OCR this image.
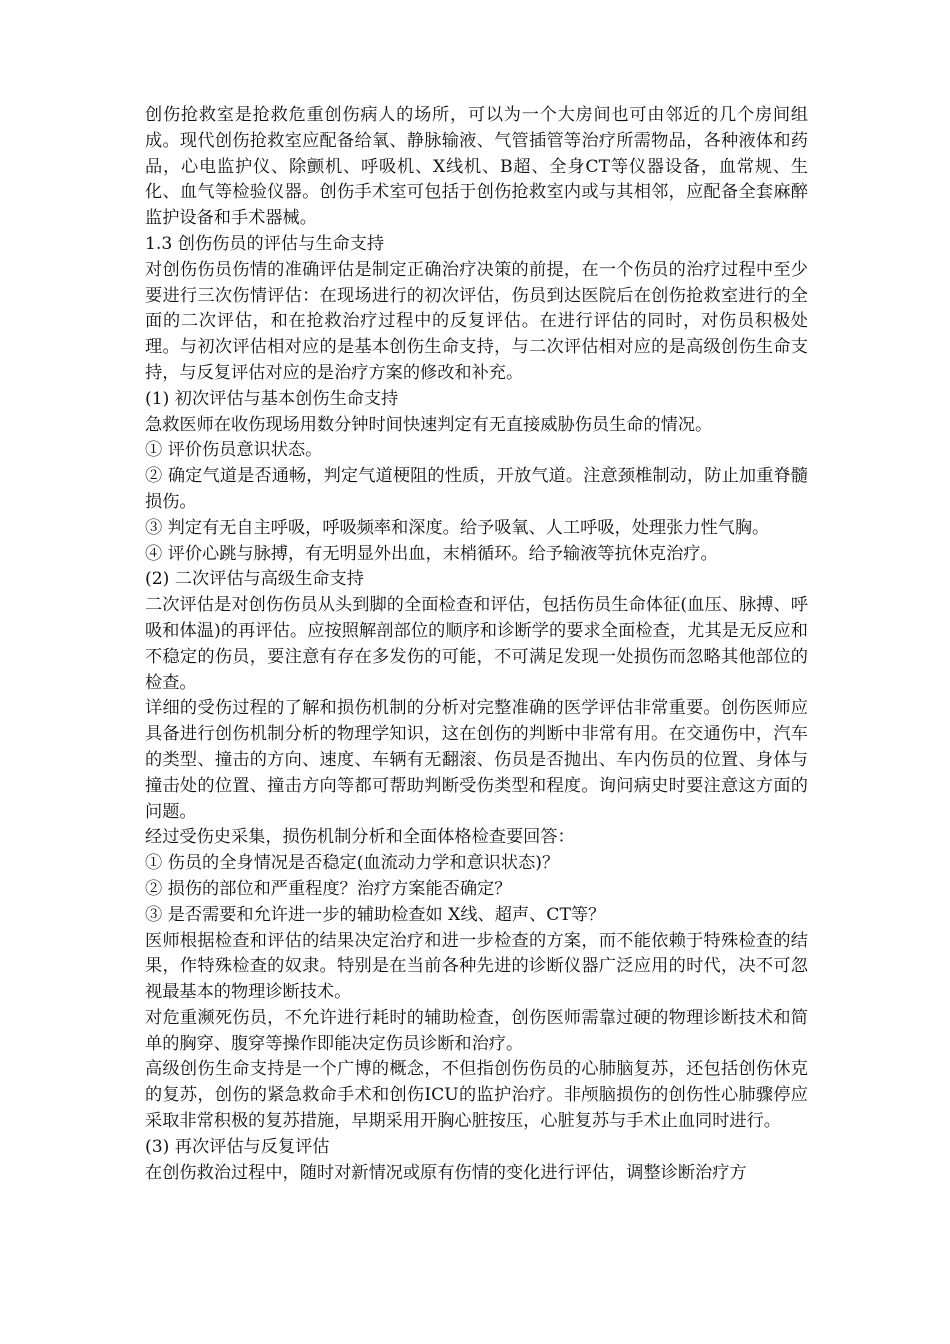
创伤抢救室是抢救危重创伤病人的场所，可以为一个大房间也可由邻近的几个房间组成。现代创伤抢救室应配备给氧、静脉输液、气管插管等治疗所需物品，各种液体和药品，心电监护仪、除颤机、呼吸机、X线机、B超、全身CT等仪器设备，血常规、生化、血气等检验仪器。创伤手术室可包括于创伤抢救室内或与其相邻，应配备全套麻醉监护设备和手术器械。

1.3 创伤伤员的评估与生命支持

对创伤伤员伤情的准确评估是制定正确治疗决策的前提，在一个伤员的治疗过程中至少要进行三次伤情评估：在现场进行的初次评估，伤员到达医院后在创伤抢救室进行的全面的二次评估，和在抢救治疗过程中的反复评估。在进行评估的同时，对伤员积极处理。与初次评估相对应的是基本创伤生命支持，与二次评估相对应的是高级创伤生命支持，与反复评估对应的是治疗方案的修改和补充。

(1) 初次评估与基本创伤生命支持

急救医师在收伤现场用数分钟时间快速判定有无直接威胁伤员生命的情况。

① 评价伤员意识状态。

② 确定气道是否通畅，判定气道梗阻的性质，开放气道。注意颈椎制动，防止加重脊髓损伤。

③ 判定有无自主呼吸，呼吸频率和深度。给予吸氧、人工呼吸，处理张力性气胸。

④ 评价心跳与脉搏，有无明显外出血，末梢循环。给予输液等抗休克治疗。

(2) 二次评估与高级生命支持

二次评估是对创伤伤员从头到脚的全面检查和评估，包括伤员生命体征(血压、脉搏、呼吸和体温)的再评估。应按照解剖部位的顺序和诊断学的要求全面检查，尤其是无反应和不稳定的伤员，要注意有存在多发伤的可能，不可满足发现一处损伤而忽略其他部位的检查。

详细的受伤过程的了解和损伤机制的分析对完整准确的医学评估非常重要。创伤医师应具备进行创伤机制分析的物理学知识，这在创伤的判断中非常有用。在交通伤中，汽车的类型、撞击的方向、速度、车辆有无翻滚、伤员是否抛出、车内伤员的位置、身体与撞击处的位置、撞击方向等都可帮助判断受伤类型和程度。询问病史时要注意这方面的问题。

经过受伤史采集，损伤机制分析和全面体格检查要回答：

① 伤员的全身情况是否稳定(血流动力学和意识状态)？

② 损伤的部位和严重程度？治疗方案能否确定？

③ 是否需要和允许进一步的辅助检查如 X线、超声、CT等？

医师根据检查和评估的结果决定治疗和进一步检查的方案，而不能依赖于特殊检查的结果，作特殊检查的奴隶。特别是在当前各种先进的诊断仪器广泛应用的时代，决不可忽视最基本的物理诊断技术。

对危重濒死伤员，不允许进行耗时的辅助检查，创伤医师需靠过硬的物理诊断技术和简单的胸穿、腹穿等操作即能决定伤员诊断和治疗。

高级创伤生命支持是一个广博的概念，不但指创伤伤员的心肺脑复苏，还包括创伤休克的复苏，创伤的紧急救命手术和创伤ICU的监护治疗。非颅脑损伤的创伤性心肺骤停应采取非常积极的复苏措施，早期采用开胸心脏按压，心脏复苏与手术止血同时进行。

(3) 再次评估与反复评估

在创伤救治过程中，随时对新情况或原有伤情的变化进行评估，调整诊断治疗方
